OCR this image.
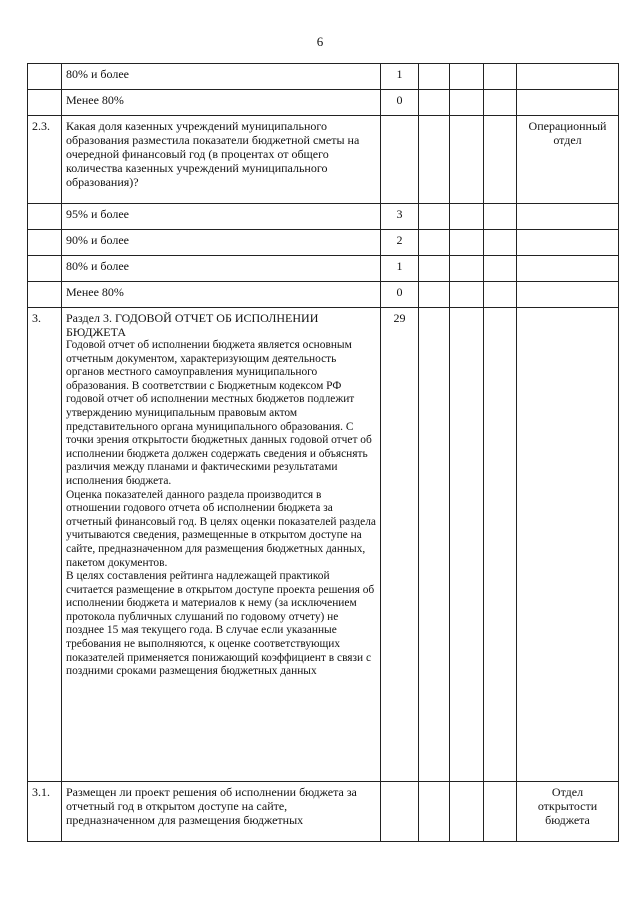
6
	80% и более	1				
	Менее 80%	0				
2.3.	Какая доля казенных учреждений муниципального образования разместила показатели бюджетной сметы на очередной финансовый год (в процентах от общего количества казенных учреждений муниципального образования)?					Операционный отдел
	95% и более	3				
	90% и более	2				
	80% и более	1				
	Менее 80%	0				
3.	Раздел 3. ГОДОВОЙ ОТЧЕТ ОБ ИСПОЛНЕНИИ БЮДЖЕТА
Годовой отчет об исполнении бюджета является основным отчетным документом, характеризующим деятельность органов местного самоуправления муниципального образования. В соответствии с Бюджетным кодексом РФ годовой отчет об исполнении местных бюджетов подлежит утверждению муниципальным правовым актом представительного органа муниципального образования. С точки зрения открытости бюджетных данных годовой отчет об исполнении бюджета должен содержать сведения и объяснять различия между планами и фактическими результатами исполнения бюджета.
Оценка показателей данного раздела производится в отношении годового отчета об исполнении бюджета за отчетный финансовый год. В целях оценки показателей раздела учитываются сведения, размещенные в открытом доступе на сайте, предназначенном для размещения бюджетных данных, пакетом документов.
В целях составления рейтинга надлежащей практикой считается размещение в открытом доступе проекта решения об исполнении бюджета и материалов к нему (за исключением протокола публичных слушаний по годовому отчету) не позднее 15 мая текущего года. В случае если указанные требования не выполняются, к оценке соответствующих показателей применяется понижающий коэффициент в связи с поздними сроками размещения бюджетных данных	29				
3.1.	Размещен ли проект решения об исполнении бюджета за отчетный год в открытом доступе на сайте, предназначенном для размещения бюджетных					Отдел открытости бюджета
